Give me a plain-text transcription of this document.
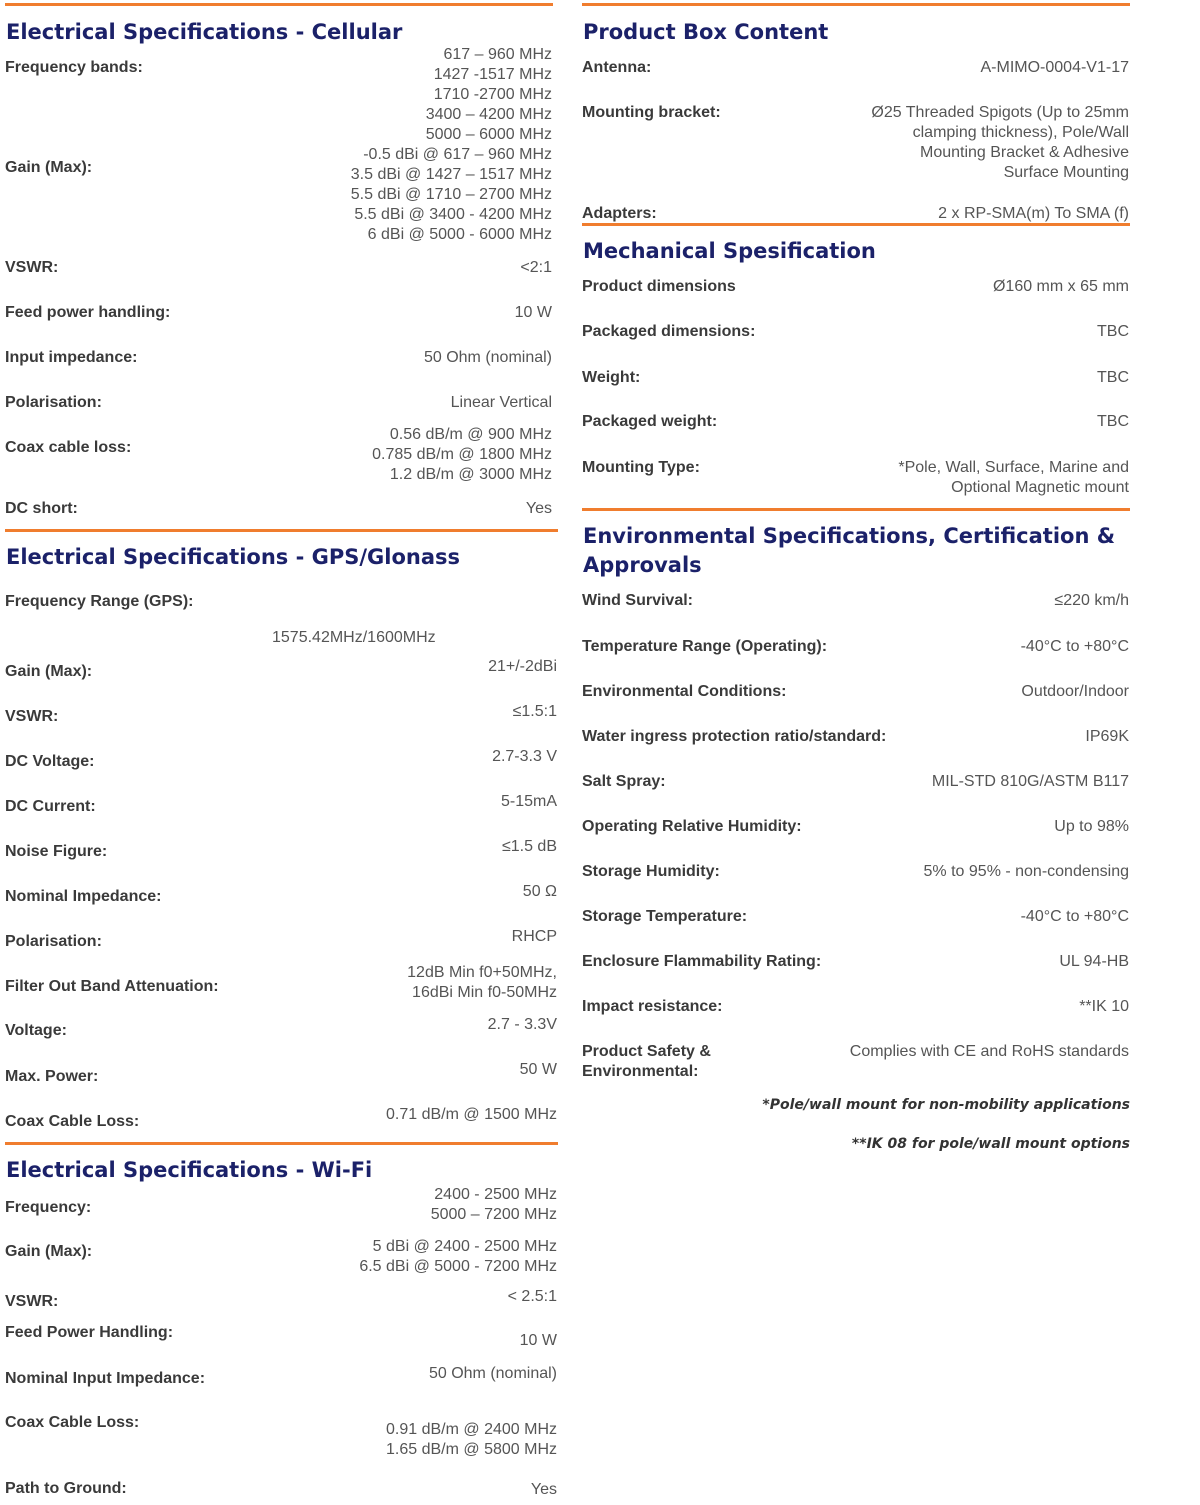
Electrical Specifications - Cellular
Frequency bands:
617 – 960 MHz
1427 -1517 MHz
1710 -2700 MHz
3400 – 4200 MHz
5000 – 6000 MHz
Gain (Max):
-0.5 dBi @ 617 – 960 MHz
3.5 dBi @ 1427 – 1517 MHz
5.5 dBi @ 1710 – 2700 MHz
5.5 dBi @ 3400 - 4200 MHz
6 dBi @ 5000 - 6000 MHz
VSWR:	<2:1
Feed power handling:	10 W
Input impedance:	50 Ohm (nominal)
Polarisation:	Linear Vertical
Coax cable loss:
0.56 dB/m @ 900 MHz
0.785 dB/m @ 1800 MHz
1.2 dB/m @ 3000 MHz
DC short:	Yes
Electrical Specifications - GPS/Glonass
Frequency Range (GPS):
1575.42MHz/1600MHz
Gain (Max):	21+/-2dBi
VSWR:	≤1.5:1
DC Voltage:	2.7-3.3 V
DC Current:	5-15mA
Noise Figure:	≤1.5 dB
Nominal Impedance:	50 Ω
Polarisation:	RHCP
Filter Out Band Attenuation:
12dB Min f0+50MHz,
16dBi Min f0-50MHz
Voltage:	2.7 - 3.3V
Max. Power:	50 W
Coax Cable Loss:	0.71 dB/m @ 1500 MHz
Electrical Specifications - Wi-Fi
Frequency:
2400 - 2500 MHz
5000 – 7200 MHz
Gain (Max):	5 dBi @ 2400 - 2500 MHz
6.5 dBi @ 5000 - 7200 MHz
VSWR:	< 2.5:1
Feed Power Handling:	10 W
Nominal Input Impedance:	50 Ohm (nominal)
Coax Cable Loss:	0.91 dB/m @ 2400 MHz
1.65 dB/m @ 5800 MHz
Path to Ground:	Yes
Product Box Content
Antenna:	A-MIMO-0004-V1-17
Mounting bracket:	Ø25 Threaded Spigots (Up to 25mm
clamping thickness), Pole/Wall
Mounting Bracket & Adhesive
Surface Mounting
Adapters:	2 x RP-SMA(m) To SMA (f)
Mechanical Spesification
Product dimensions	Ø160 mm x 65 mm
Packaged dimensions:	TBC
Weight:	TBC
Packaged weight:	TBC
Mounting Type:	*Pole, Wall, Surface, Marine and
Optional Magnetic mount
Environmental Specifications, Certification &
Approvals
Wind Survival:	≤220 km/h
Temperature Range (Operating):	-40°C to +80°C
Environmental Conditions:	Outdoor/Indoor
Water ingress protection ratio/standard:	IP69K
Salt Spray:	MIL-STD 810G/ASTM B117
Operating Relative Humidity:	Up to 98%
Storage Humidity:	5% to 95% - non-condensing
Storage Temperature:	-40°C to +80°C
Enclosure Flammability Rating:	UL 94-HB
Impact resistance:	**IK 10
Product Safety &
Environmental:
Complies with CE and RoHS standards
*Pole/wall mount for non-mobility applications
**IK 08 for pole/wall mount options
